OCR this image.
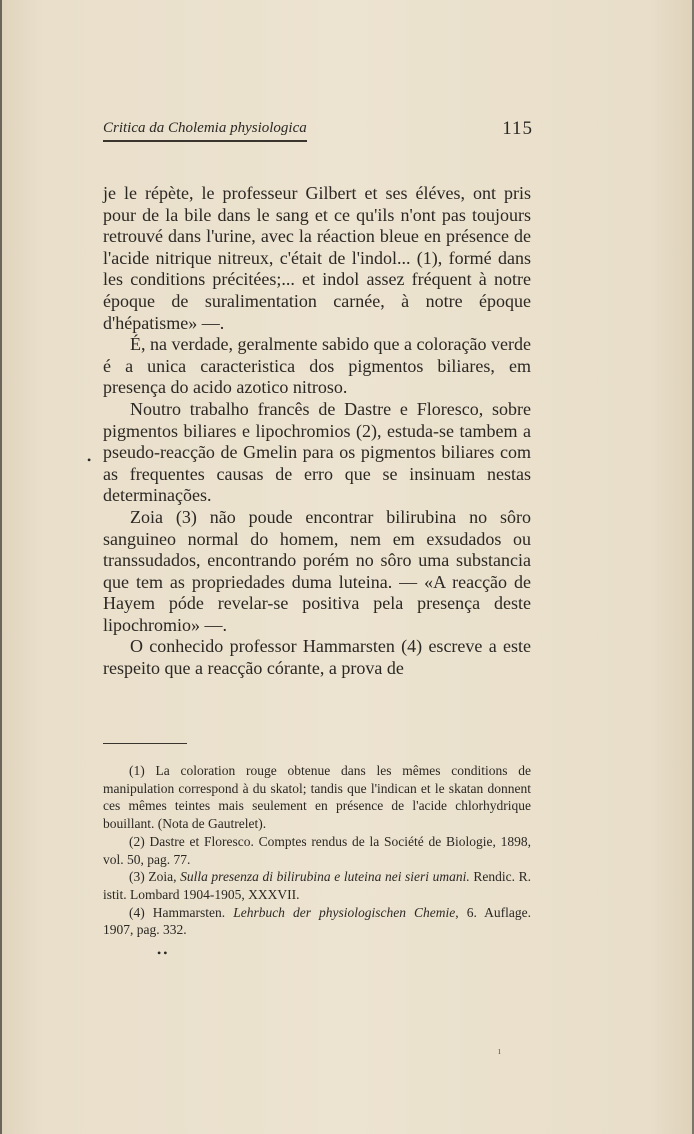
Critica da Cholemia physiologica	115

je le répète, le professeur Gilbert et ses éléves, ont pris pour de la bile dans le sang et ce qu'ils n'ont pas toujours retrouvé dans l'urine, avec la réaction bleue en présence de l'acide nitrique nitreux, c'était de l'indol... (1), formé dans les conditions précitées;... et indol assez fréquent à notre époque de suralimentation carnée, à notre époque d'hépatisme» —.

É, na verdade, geralmente sabido que a coloração verde é a unica caracteristica dos pigmentos biliares, em presença do acido azotico nitroso.

Noutro trabalho francês de Dastre e Floresco, sobre pigmentos biliares e lipochromios (2), estuda-se tambem a pseudo-reacção de Gmelin para os pigmentos biliares com as frequentes causas de erro que se insinuam nestas determinações.

Zoia (3) não poude encontrar bilirubina no sôro sanguineo normal do homem, nem em exsudados ou transsudados, encontrando porém no sôro uma substancia que tem as propriedades duma luteina. — «A reacção de Hayem póde revelar-se positiva pela presença deste lipochromio» —.

O conhecido professor Hammarsten (4) escreve a este respeito que a reacção córante, a prova de

•

(1) La coloration rouge obtenue dans les mêmes conditions de manipulation correspond à du skatol; tandis que l'indican et le skatan donnent ces mêmes teintes mais seulement en présence de l'acide chlorhydrique bouillant. (Nota de Gautrelet).

(2) Dastre et Floresco. Comptes rendus de la Société de Biologie, 1898, vol. 50, pag. 77.

(3) Zoia, Sulla presenza di bilirubina e luteina nei sieri umani. Rendic. R. istit. Lombard 1904-1905, XXXVII.

(4) Hammarsten. Lehrbuch der physiologischen Chemie, 6. Auflage. 1907, pag. 332.

••
ı
